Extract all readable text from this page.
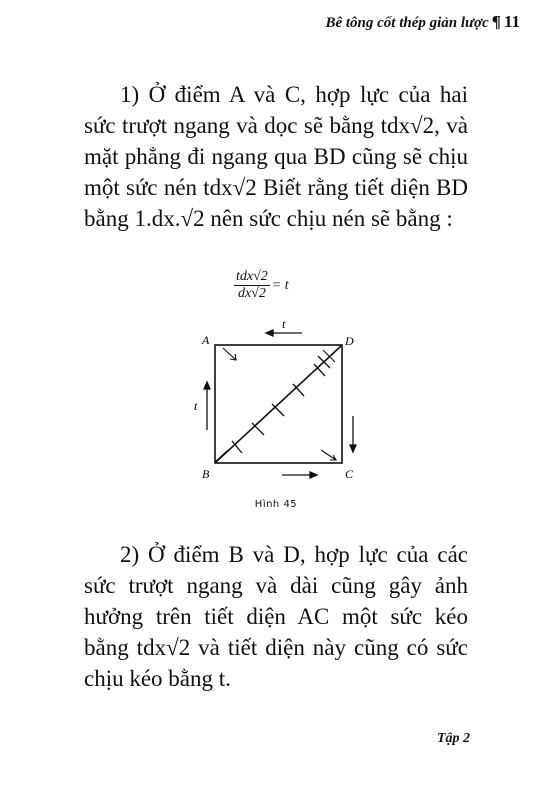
Bê tông cốt thép giản lược ¶ 11
1) Ở điểm A và C, hợp lực của hai
sức trượt ngang và dọc sẽ bằng tdx√2, và
mặt phẳng đi ngang qua BD cũng sẽ chịu
một sức nén tdx√2 Biết rằng tiết diện BD
bằng 1.dx.√2 nên sức chịu nén sẽ bằng :
$\frac{\text{tdx√2}}{dx√2} = t$
A	D
B	C
t
t
Hình 45
2) Ở điểm B và D, hợp lực của các
sức trượt ngang và dài cũng gây ảnh
hưởng trên tiết diện AC một sức kéo
bằng tdx√2 và tiết diện này cũng có sức
chịu kéo bằng t.
Tập 2
